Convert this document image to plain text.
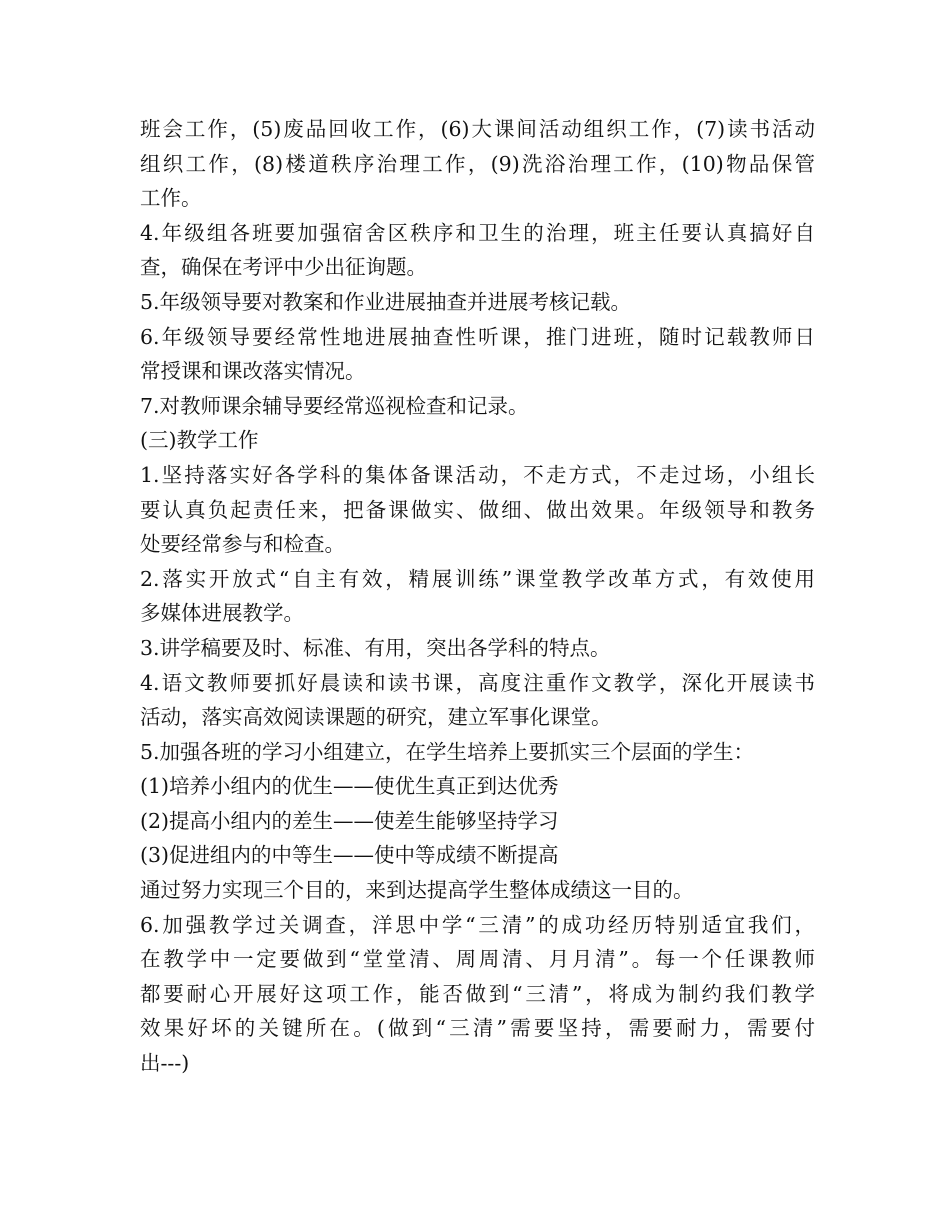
班会工作，(5)废品回收工作，(6)大课间活动组织工作，(7)读书活动
组织工作，(8)楼道秩序治理工作，(9)洗浴治理工作，(10)物品保管
工作。
4.年级组各班要加强宿舍区秩序和卫生的治理，班主任要认真搞好自
查，确保在考评中少出征询题。
5.年级领导要对教案和作业进展抽查并进展考核记载。
6.年级领导要经常性地进展抽查性听课，推门进班，随时记载教师日
常授课和课改落实情况。
7.对教师课余辅导要经常巡视检查和记录。
(三)教学工作
1.坚持落实好各学科的集体备课活动，不走方式，不走过场，小组长
要认真负起责任来，把备课做实、做细、做出效果。年级领导和教务
处要经常参与和检查。
2.落实开放式“自主有效，精展训练”课堂教学改革方式，有效使用
多媒体进展教学。
3.讲学稿要及时、标准、有用，突出各学科的特点。
4.语文教师要抓好晨读和读书课，高度注重作文教学，深化开展读书
活动，落实高效阅读课题的研究，建立军事化课堂。
5.加强各班的学习小组建立，在学生培养上要抓实三个层面的学生：
(1)培养小组内的优生——使优生真正到达优秀
(2)提高小组内的差生——使差生能够坚持学习
(3)促进组内的中等生——使中等成绩不断提高
通过努力实现三个目的，来到达提高学生整体成绩这一目的。
6.加强教学过关调查，洋思中学“三清”的成功经历特别适宜我们，
在教学中一定要做到“堂堂清、周周清、月月清”。每一个任课教师
都要耐心开展好这项工作，能否做到“三清”，将成为制约我们教学
效果好坏的关键所在。(做到“三清”需要坚持，需要耐力，需要付
出---)
